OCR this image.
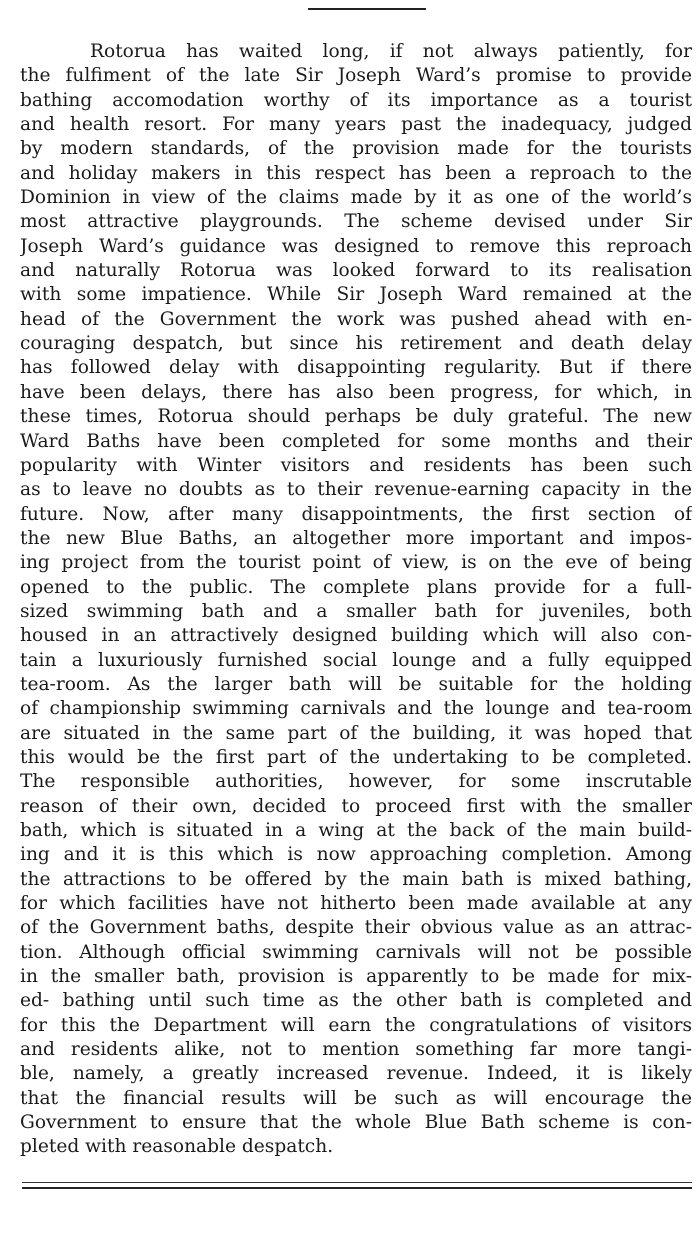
Rotorua has waited long, if not always patiently, for
the fulfiment of the late Sir Joseph Ward’s promise to provide
bathing accomodation worthy of its importance as a tourist
and health resort. For many years past the inadequacy, judged
by modern standards, of the provision made for the tourists
and holiday makers in this respect has been a reproach to the
Dominion in view of the claims made by it as one of the world’s
most attractive playgrounds. The scheme devised under Sir
Joseph Ward’s guidance was designed to remove this reproach
and naturally Rotorua was looked forward to its realisation
with some impatience. While Sir Joseph Ward remained at the
head of the Government the work was pushed ahead with en-
couraging despatch, but since his retirement and death delay
has followed delay with disappointing regularity. But if there
have been delays, there has also been progress, for which, in
these times, Rotorua should perhaps be duly grateful. The new
Ward Baths have been completed for some months and their
popularity with Winter visitors and residents has been such
as to leave no doubts as to their revenue-earning capacity in the
future. Now, after many disappointments, the first section of
the new Blue Baths, an altogether more important and impos-
ing project from the tourist point of view, is on the eve of being
opened to the public. The complete plans provide for a full-
sized swimming bath and a smaller bath for juveniles, both
housed in an attractively designed building which will also con-
tain a luxuriously furnished social lounge and a fully equipped
tea-room. As the larger bath will be suitable for the holding
of championship swimming carnivals and the lounge and tea-room
are situated in the same part of the building, it was hoped that
this would be the first part of the undertaking to be completed.
The responsible authorities, however, for some inscrutable
reason of their own, decided to proceed first with the smaller
bath, which is situated in a wing at the back of the main build-
ing and it is this which is now approaching completion. Among
the attractions to be offered by the main bath is mixed bathing,
for which facilities have not hitherto been made available at any
of the Government baths, despite their obvious value as an attrac-
tion. Although official swimming carnivals will not be possible
in the smaller bath, provision is apparently to be made for mix-
ed- bathing until such time as the other bath is completed and
for this the Department will earn the congratulations of visitors
and residents alike, not to mention something far more tangi-
ble, namely, a greatly increased revenue. Indeed, it is likely
that the financial results will be such as will encourage the
Government to ensure that the whole Blue Bath scheme is con-
pleted with reasonable despatch.
